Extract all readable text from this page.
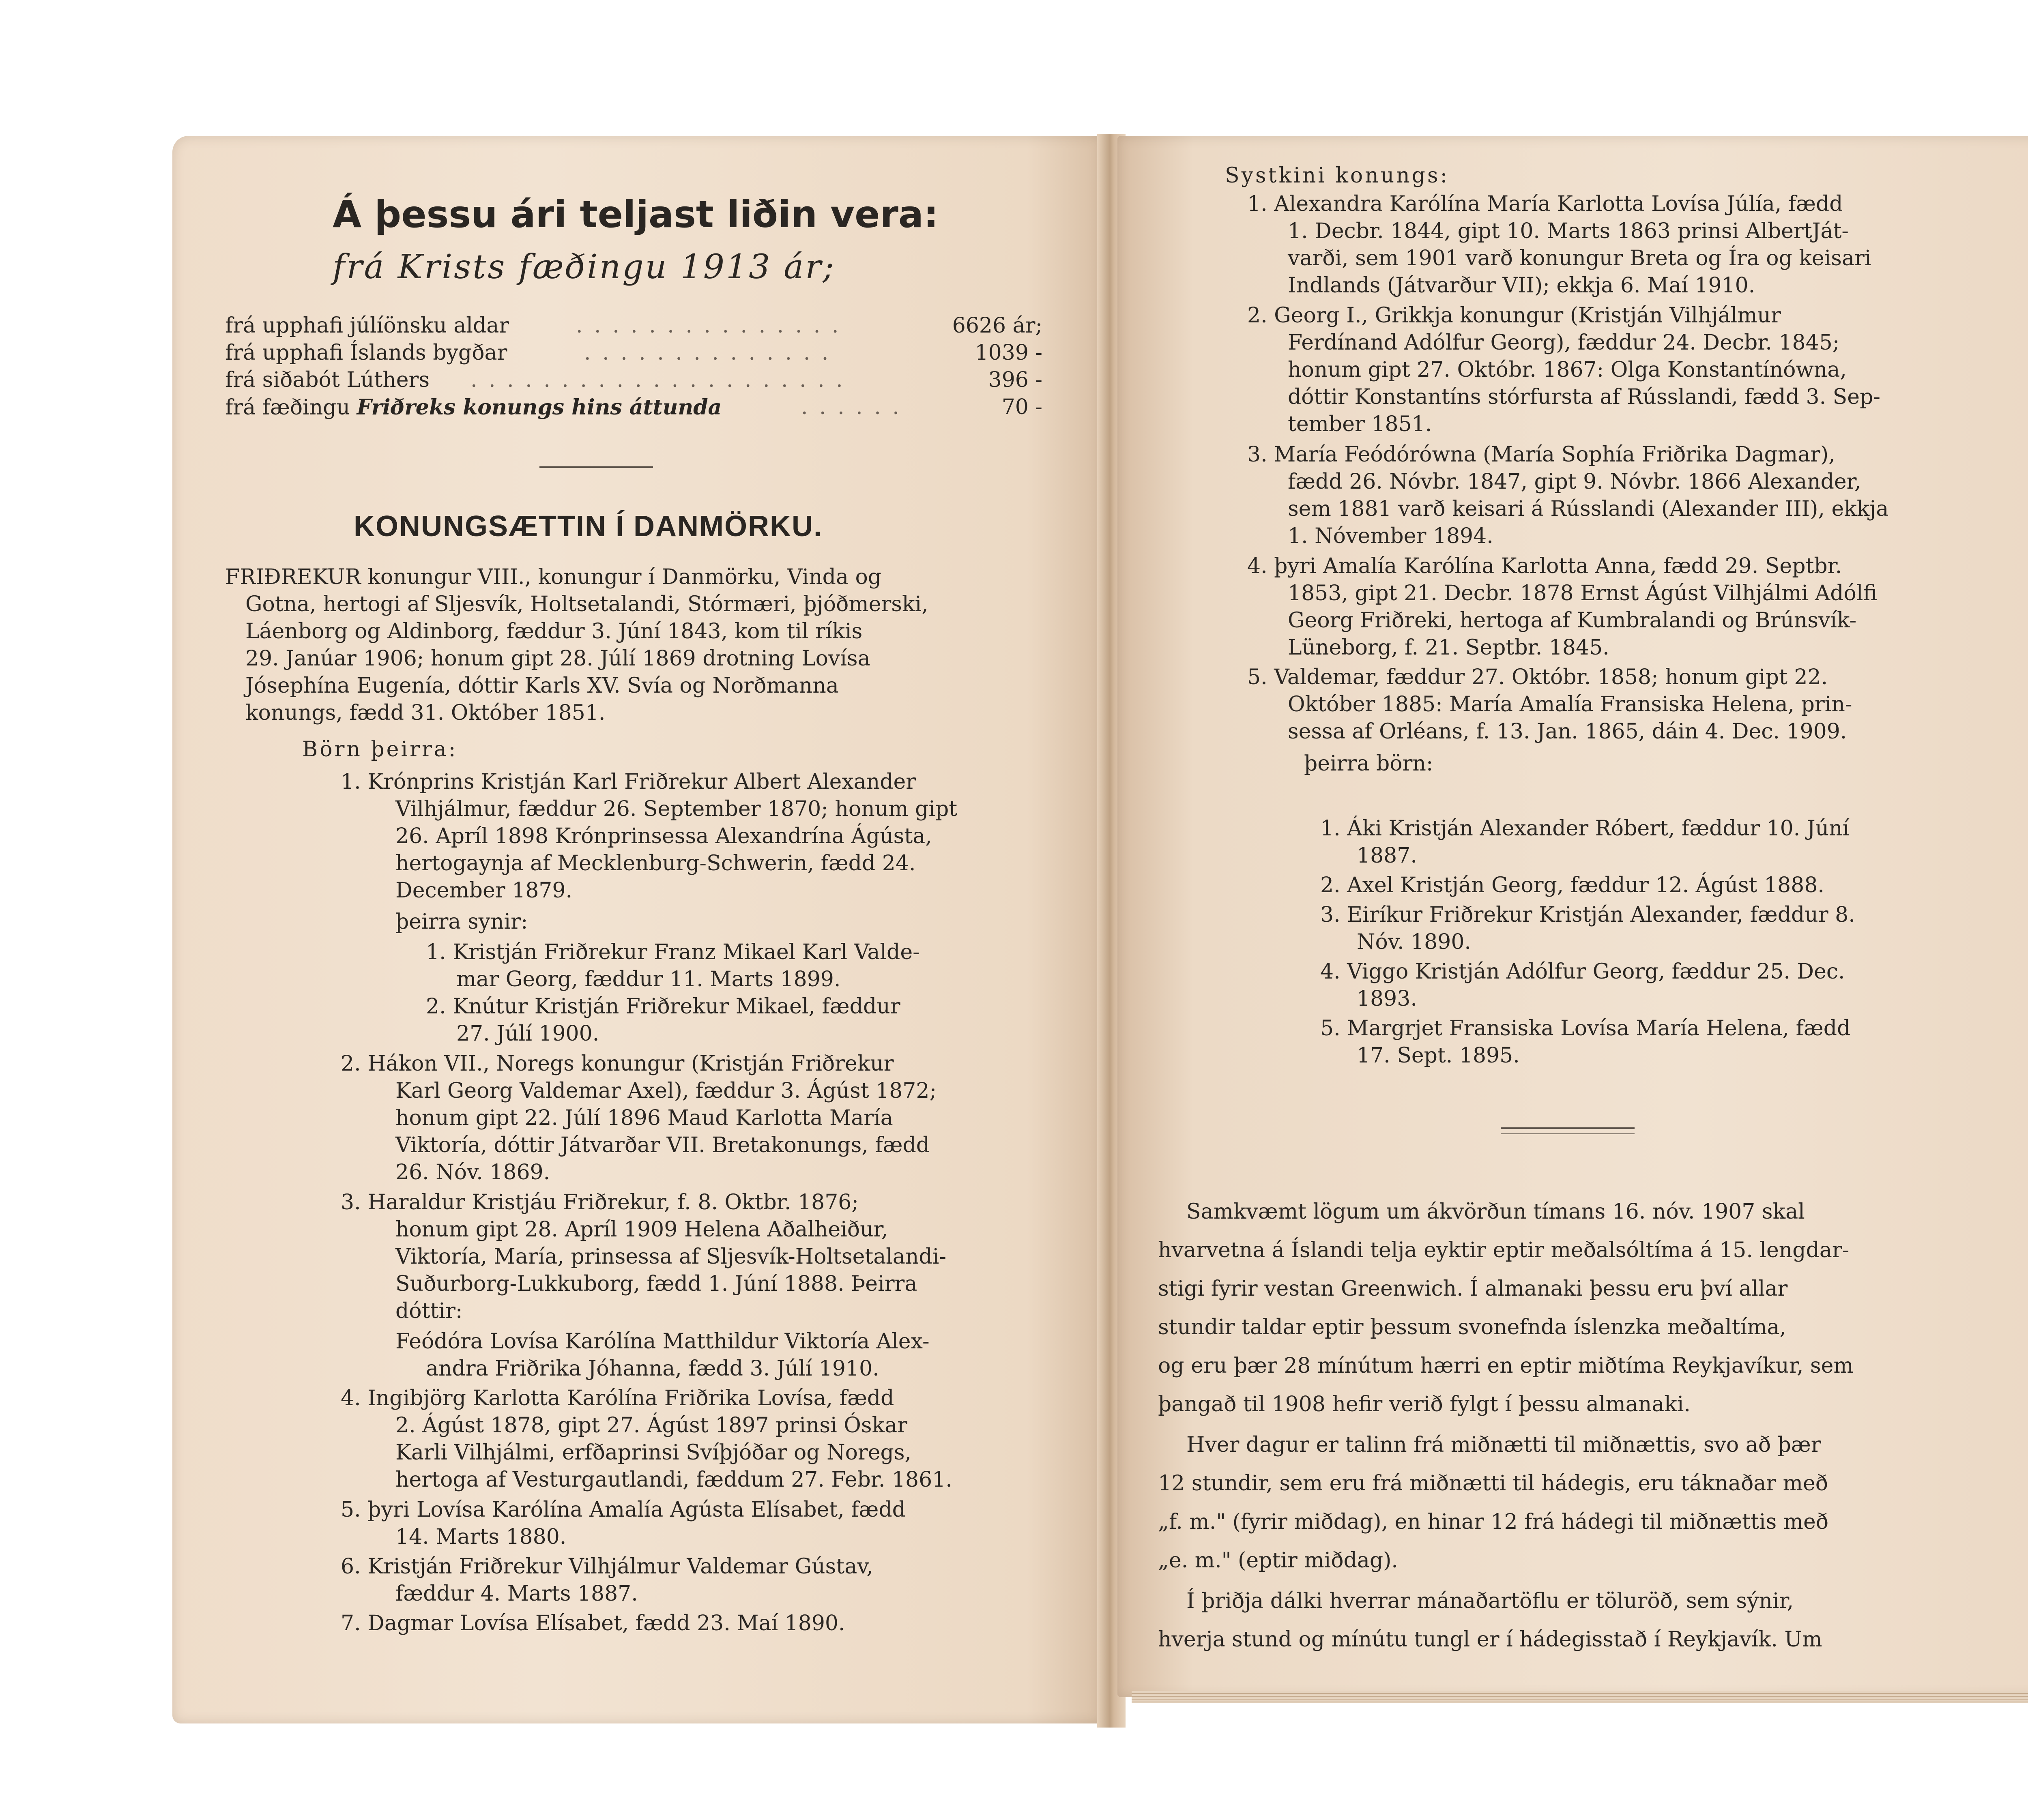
Á þessu ári teljast liðin vera:
frá Krists fæðingu 1913 ár;
frá upphafi júlíönsku aldar	. . . . . . . . . . . . . . .	6626 ár;
frá upphafi Íslands bygðar	. . . . . . . . . . . . . .	1039 -
frá siðabót Lúthers . . . . . . . . . . . . . . . . . . . . .	396 -
frá fæðingu Friðreks konungs hins áttunda	. . . . . .	70 -
KONUNGSÆTTIN Í DANMÖRKU.
FRIÐREKUR konungur VIII., konungur í Danmörku, Vinda og
Gotna, hertogi af Sljesvík, Holtsetalandi, Stórmæri, þjóðmerski,
Láenborg og Aldinborg, fæddur 3. Júní 1843, kom til ríkis
29. Janúar 1906; honum gipt 28. Júlí 1869 drotning Lovísa
Jósephína Eugenía, dóttir Karls XV. Svía og Norðmanna
konungs, fædd 31. Október 1851.
Börn þeirra:
1. Krónprins Kristján Karl Friðrekur Albert Alexander
Vilhjálmur, fæddur 26. September 1870; honum gipt
26. Apríl 1898 Krónprinsessa Alexandrína Ágústa,
hertogaynja af Mecklenburg-Schwerin, fædd 24.
December 1879.
þeirra synir:
1. Kristján Friðrekur Franz Mikael Karl Valde-
mar Georg, fæddur 11. Marts 1899.
2. Knútur Kristján Friðrekur Mikael, fæddur
27. Júlí 1900.
2. Hákon VII., Noregs konungur (Kristján Friðrekur
Karl Georg Valdemar Axel), fæddur 3. Ágúst 1872;
honum gipt 22. Júlí 1896 Maud Karlotta María
Viktoría, dóttir Játvarðar VII. Bretakonungs, fædd
26. Nóv. 1869.
3. Haraldur Kristjáu Friðrekur, f. 8. Oktbr. 1876;
honum gipt 28. Apríl 1909 Helena Aðalheiður,
Viktoría, María, prinsessa af Sljesvík-Holtsetalandi-
Suðurborg-Lukkuborg, fædd 1. Júní 1888. Þeirra
dóttir:
Feódóra Lovísa Karólína Matthildur Viktoría Alex-
andra Friðrika Jóhanna, fædd 3. Júlí 1910.
4. Ingibjörg Karlotta Karólína Friðrika Lovísa, fædd
2. Ágúst 1878, gipt 27. Ágúst 1897 prinsi Óskar
Karli Vilhjálmi, erfðaprinsi Svíþjóðar og Noregs,
hertoga af Vesturgautlandi, fæddum 27. Febr. 1861.
5. þyri Lovísa Karólína Amalía Agústa Elísabet, fædd
14. Marts 1880.
6. Kristján Friðrekur Vilhjálmur Valdemar Gústav,
fæddur 4. Marts 1887.
7. Dagmar Lovísa Elísabet, fædd 23. Maí 1890.
Systkini konungs:
1. Alexandra Karólína María Karlotta Lovísa Júlía, fædd
1. Decbr. 1844, gipt 10. Marts 1863 prinsi AlbertJát-
varði, sem 1901 varð konungur Breta og Íra og keisari
Indlands (Játvarður VII); ekkja 6. Maí 1910.
2. Georg I., Grikkja konungur (Kristján Vilhjálmur
Ferdínand Adólfur Georg), fæddur 24. Decbr. 1845;
honum gipt 27. Októbr. 1867: Olga Konstantínówna,
dóttir Konstantíns stórfursta af Rússlandi, fædd 3. Sep-
tember 1851.
3. María Feódórówna (María Sophía Friðrika Dagmar),
fædd 26. Nóvbr. 1847, gipt 9. Nóvbr. 1866 Alexander,
sem 1881 varð keisari á Rússlandi (Alexander III), ekkja
1. Nóvember 1894.
4. þyri Amalía Karólína Karlotta Anna, fædd 29. Septbr.
1853, gipt 21. Decbr. 1878 Ernst Ágúst Vilhjálmi Adólfi
Georg Friðreki, hertoga af Kumbralandi og Brúnsvík-
Lüneborg, f. 21. Septbr. 1845.
5. Valdemar, fæddur 27. Októbr. 1858; honum gipt 22.
Október 1885: María Amalía Fransiska Helena, prin-
sessa af Orléans, f. 13. Jan. 1865, dáin 4. Dec. 1909.
þeirra börn:
1. Áki Kristján Alexander Róbert, fæddur 10. Júní
1887.
2. Axel Kristján Georg, fæddur 12. Ágúst 1888.
3. Eiríkur Friðrekur Kristján Alexander, fæddur 8.
Nóv. 1890.
4. Viggo Kristján Adólfur Georg, fæddur 25. Dec.
1893.
5. Margrjet Fransiska Lovísa María Helena, fædd
17. Sept. 1895.
Samkvæmt lögum um ákvörðun tímans 16. nóv. 1907 skal
hvarvetna á Íslandi telja eyktir eptir meðalsóltíma á 15. lengdar-
stigi fyrir vestan Greenwich. Í almanaki þessu eru því allar
stundir taldar eptir þessum svonefnda íslenzka meðaltíma,
og eru þær 28 mínútum hærri en eptir miðtíma Reykjavíkur, sem
þangað til 1908 hefir verið fylgt í þessu almanaki.
Hver dagur er talinn frá miðnætti til miðnættis, svo að þær
12 stundir, sem eru frá miðnætti til hádegis, eru táknaðar með
„f. m." (fyrir miðdag), en hinar 12 frá hádegi til miðnættis með
„e. m." (eptir miðdag).
Í þriðja dálki hverrar mánaðartöflu er töluröð, sem sýnir,
hverja stund og mínútu tungl er í hádegisstað í Reykjavík. Um
